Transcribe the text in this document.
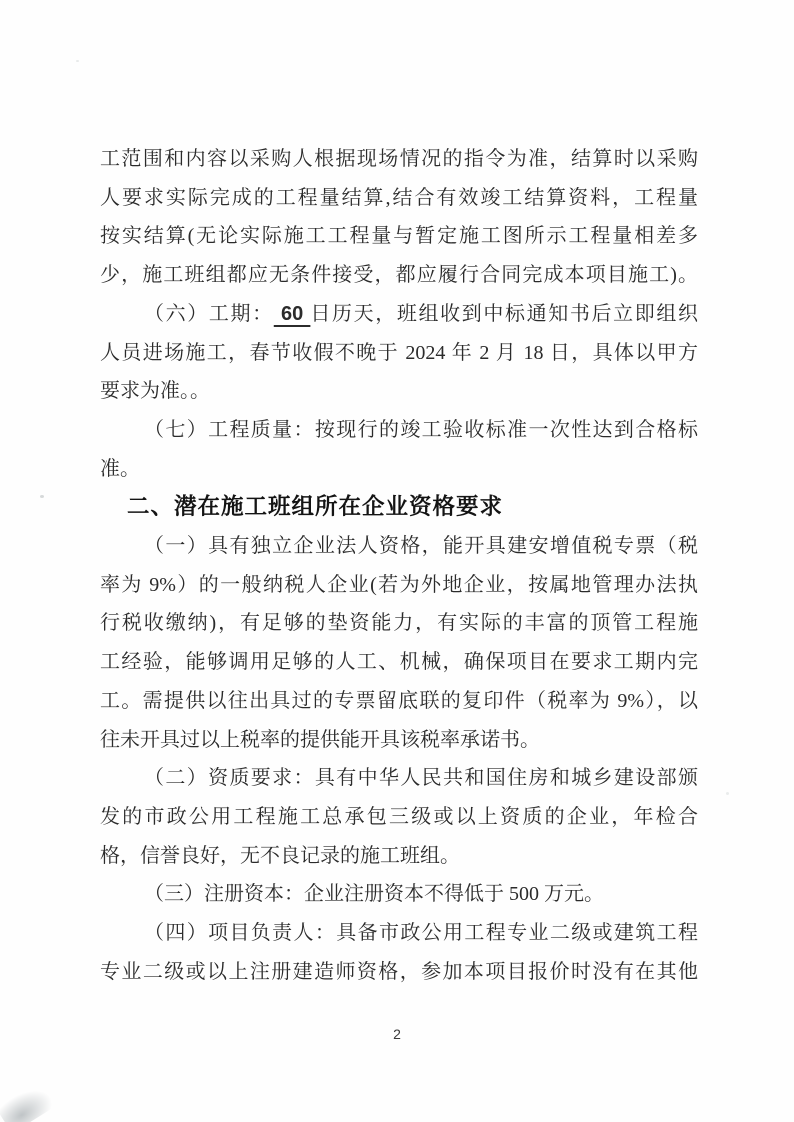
工范围和内容以采购人根据现场情况的指令为准，结算时以采购
人要求实际完成的工程量结算,结合有效竣工结算资料，工程量
按实结算(无论实际施工工程量与暂定施工图所示工程量相差多
少，施工班组都应无条件接受，都应履行合同完成本项目施工)。
（六）工期： 60 日历天，班组收到中标通知书后立即组织
人员进场施工，春节收假不晚于 2024 年 2 月 18 日，具体以甲方
要求为准。。
（七）工程质量：按现行的竣工验收标准一次性达到合格标
准。
二、潜在施工班组所在企业资格要求
（一）具有独立企业法人资格，能开具建安增值税专票（税
率为 9%）的一般纳税人企业(若为外地企业，按属地管理办法执
行税收缴纳)，有足够的垫资能力，有实际的丰富的顶管工程施
工经验，能够调用足够的人工、机械，确保项目在要求工期内完
工。需提供以往出具过的专票留底联的复印件（税率为 9%），以
往未开具过以上税率的提供能开具该税率承诺书。
（二）资质要求：具有中华人民共和国住房和城乡建设部颁
发的市政公用工程施工总承包三级或以上资质的企业，年检合
格，信誉良好，无不良记录的施工班组。
（三）注册资本：企业注册资本不得低于 500 万元。
（四）项目负责人：具备市政公用工程专业二级或建筑工程
专业二级或以上注册建造师资格，参加本项目报价时没有在其他
2
